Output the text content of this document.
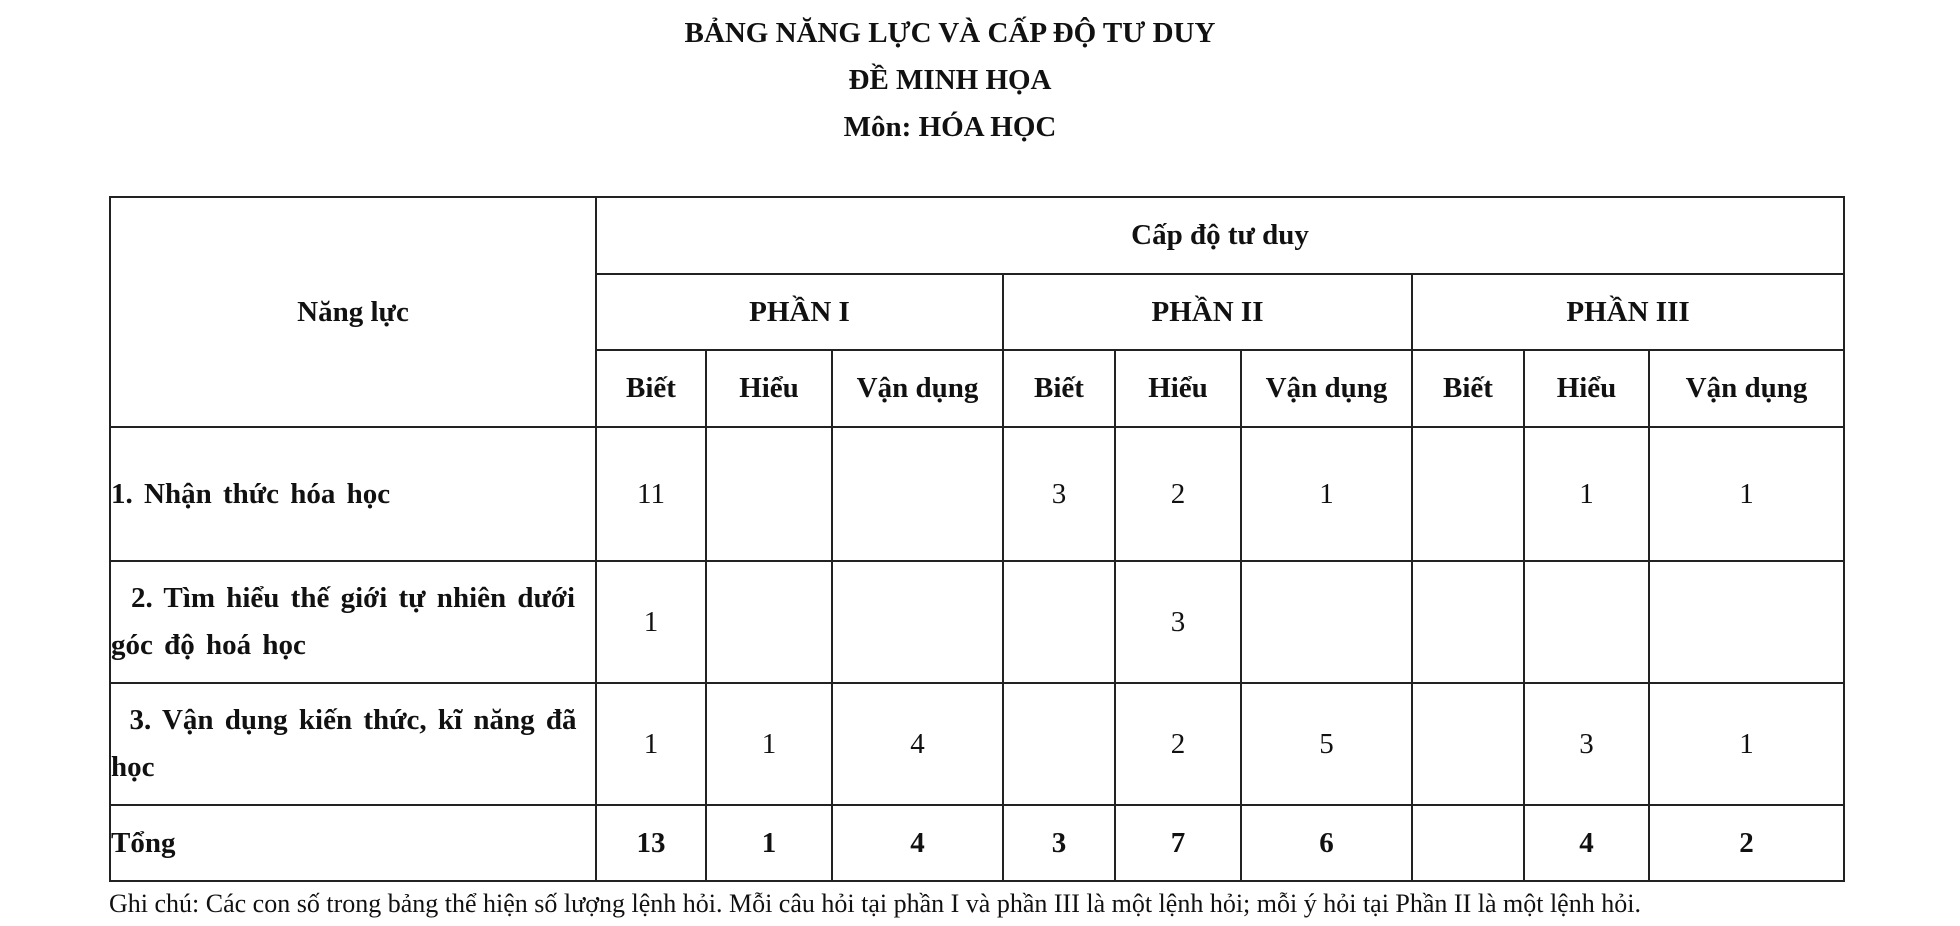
BẢNG NĂNG LỰC VÀ CẤP ĐỘ TƯ DUY
ĐỀ MINH HỌA
Môn: HÓA HỌC
Năng lực	Cấp độ tư duy								
	PHẦN I			PHẦN II			PHẦN III		
	Biết	Hiểu	Vận dụng	Biết	Hiểu	Vận dụng	Biết	Hiểu	Vận dụng
1. Nhận thức hóa học	11			3	2	1		1	1
2. Tìm hiểu thế giới tự nhiên dưới góc độ hoá học	1				3				
3. Vận dụng kiến thức, kĩ năng đã học	1	1	4		2	5		3	1
Tổng	13	1	4	3	7	6		4	2
Ghi chú: Các con số trong bảng thể hiện số lượng lệnh hỏi. Mỗi câu hỏi tại phần I và phần III là một lệnh hỏi; mỗi ý hỏi tại Phần II là một lệnh hỏi.
